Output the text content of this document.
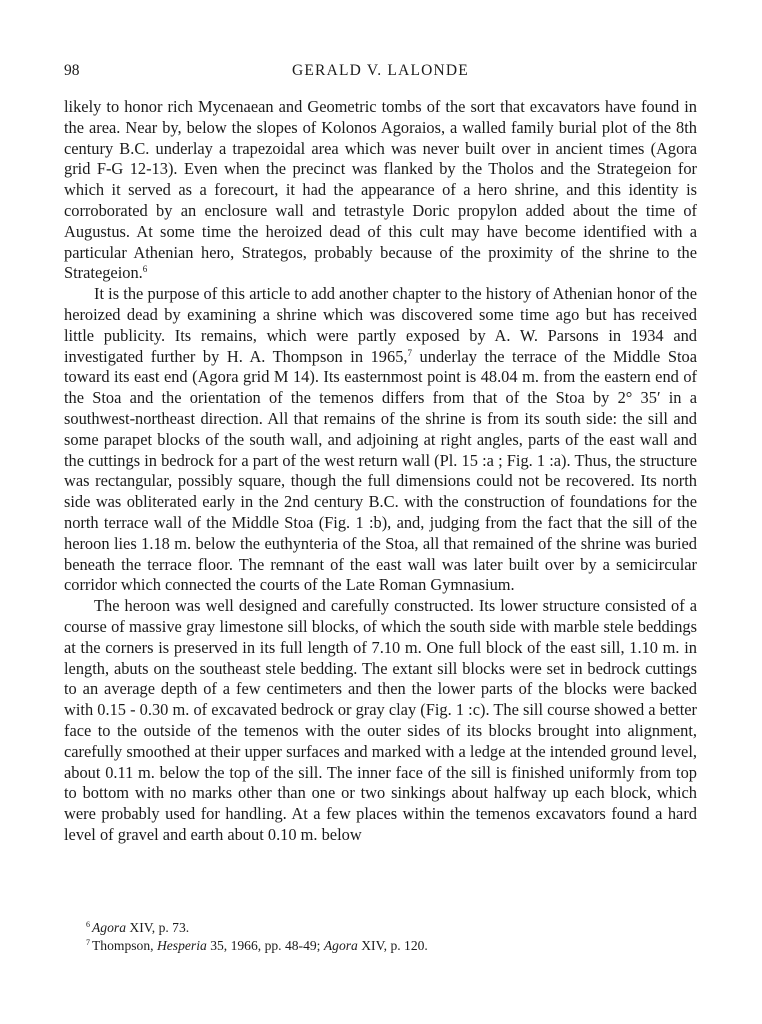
98	GERALD V. LALONDE

likely to honor rich Mycenaean and Geometric tombs of the sort that excavators have found in the area. Near by, below the slopes of Kolonos Agoraios, a walled family burial plot of the 8th century B.C. underlay a trapezoidal area which was never built over in ancient times (Agora grid F-G 12-13). Even when the precinct was flanked by the Tholos and the Strategeion for which it served as a forecourt, it had the appearance of a hero shrine, and this identity is corroborated by an enclosure wall and tetrastyle Doric propylon added about the time of Augustus. At some time the heroized dead of this cult may have become identified with a particular Athenian hero, Strategos, probably because of the proximity of the shrine to the Strategeion.$^6$

It is the purpose of this article to add another chapter to the history of Athenian honor of the heroized dead by examining a shrine which was discovered some time ago but has received little publicity. Its remains, which were partly exposed by A. W. Parsons in 1934 and investigated further by H. A. Thompson in 1965,$^7$ underlay the terrace of the Middle Stoa toward its east end (Agora grid M 14). Its easternmost point is 48.04 m. from the eastern end of the Stoa and the orientation of the temenos differs from that of the Stoa by 2° 35′ in a southwest-northeast direction. All that remains of the shrine is from its south side: the sill and some parapet blocks of the south wall, and adjoining at right angles, parts of the east wall and the cuttings in bedrock for a part of the west return wall (Pl. 15 :a ; Fig. 1 :a). Thus, the structure was rectangular, possibly square, though the full dimensions could not be recovered. Its north side was obliterated early in the 2nd century B.C. with the construction of foundations for the north terrace wall of the Middle Stoa (Fig. 1 :b), and, judging from the fact that the sill of the heroon lies 1.18 m. below the euthynteria of the Stoa, all that remained of the shrine was buried beneath the terrace floor. The remnant of the east wall was later built over by a semicircular corridor which connected the courts of the Late Roman Gymnasium.

The heroon was well designed and carefully constructed. Its lower structure consisted of a course of massive gray limestone sill blocks, of which the south side with marble stele beddings at the corners is preserved in its full length of 7.10 m. One full block of the east sill, 1.10 m. in length, abuts on the southeast stele bedding. The extant sill blocks were set in bedrock cuttings to an average depth of a few centimeters and then the lower parts of the blocks were backed with 0.15 - 0.30 m. of excavated bedrock or gray clay (Fig. 1 :c). The sill course showed a better face to the outside of the temenos with the outer sides of its blocks brought into alignment, carefully smoothed at their upper surfaces and marked with a ledge at the intended ground level, about 0.11 m. below the top of the sill. The inner face of the sill is finished uniformly from top to bottom with no marks other than one or two sinkings about halfway up each block, which were probably used for handling. At a few places within the temenos excavators found a hard level of gravel and earth about 0.10 m. below

$^6$ Agora XIV, p. 73.

$^7$ Thompson, Hesperia 35, 1966, pp. 48-49; Agora XIV, p. 120.
